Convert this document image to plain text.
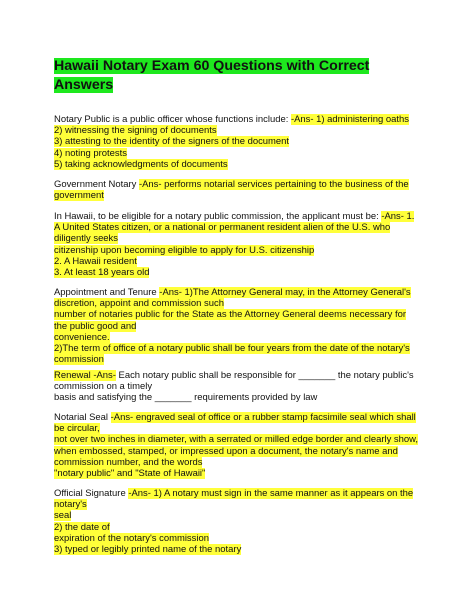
Hawaii Notary Exam 60 Questions with Correct
Answers
Notary Public is a public officer whose functions include: -Ans- 1) administering oaths
2) witnessing the signing of documents
3) attesting to the identity of the signers of the document
4) noting protests
5) taking acknowledgments of documents
Government Notary -Ans- performs notarial services pertaining to the business of the
government
In Hawaii, to be eligible for a notary public commission, the applicant must be: -Ans- 1.
A United States citizen, or a national or permanent resident alien of the U.S. who
diligently seeks
citizenship upon becoming eligible to apply for U.S. citizenship
2. A Hawaii resident
3. At least 18 years old
Appointment and Tenure -Ans- 1)The Attorney General may, in the Attorney General's
discretion, appoint and commission such
number of notaries public for the State as the Attorney General deems necessary for
the public good and
convenience.
2)The term of office of a notary public shall be four years from the date of the notary's
commission
Renewal -Ans- Each notary public shall be responsible for _______ the notary public's
commission on a timely
basis and satisfying the _______ requirements provided by law
Notarial Seal -Ans- engraved seal of office or a rubber stamp facsimile seal which shall
be circular,
not over two inches in diameter, with a serrated or milled edge border and clearly show,
when embossed, stamped, or impressed upon a document, the notary's name and
commission number, and the words
"notary public" and "State of Hawaii"
Official Signature -Ans- 1) A notary must sign in the same manner as it appears on the
notary's
seal
2) the date of
expiration of the notary's commission
3) typed or legibly printed name of the notary
